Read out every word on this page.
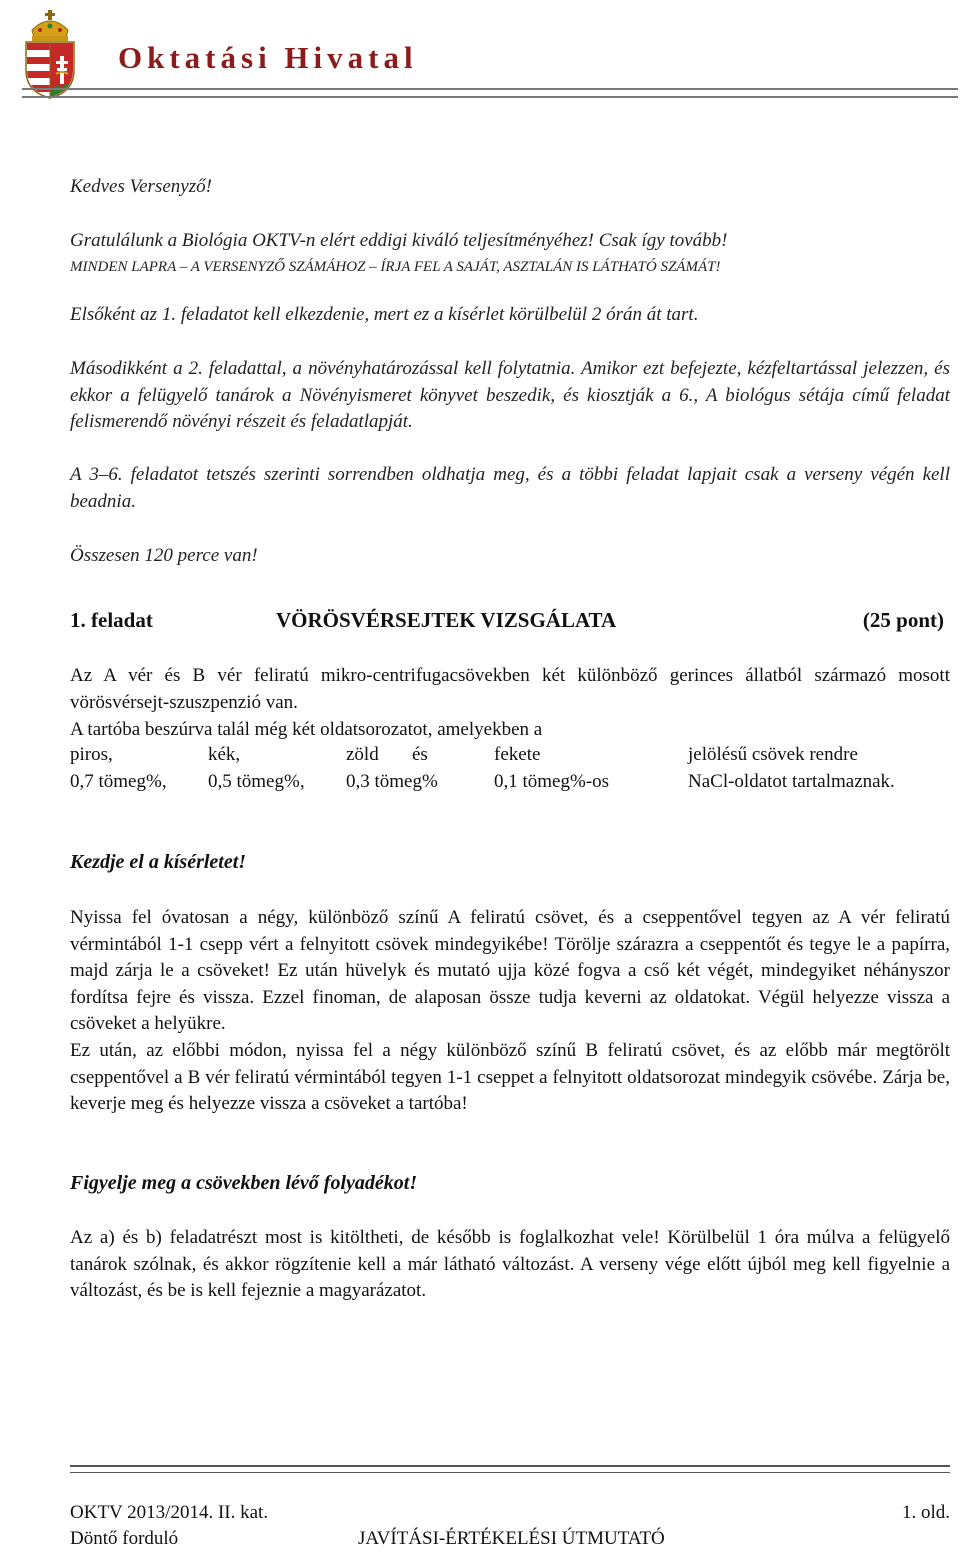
Oktatási Hivatal
Kedves Versenyző!
Gratulálunk a Biológia OKTV-n elért eddigi kiváló teljesítményéhez! Csak így tovább!
MINDEN LAPRA – A VERSENYZŐ SZÁMÁHOZ – ÍRJA FEL A SAJÁT, ASZTALÁN IS LÁTHATÓ SZÁMÁT!
Elsőként az 1. feladatot kell elkezdenie, mert ez a kísérlet körülbelül 2 órán át tart.
Másodikként a 2. feladattal, a növényhatározással kell folytatnia. Amikor ezt befejezte, kézfeltartással jelezzen, és ekkor a felügyelő tanárok a Növényismeret könyvet beszedik, és kiosztják a 6., A biológus sétája című feladat felismerendő növényi részeit és feladatlapját.
A 3–6. feladatot tetszés szerinti sorrendben oldhatja meg, és a többi feladat lapjait csak a verseny végén kell beadnia.
Összesen 120 perce van!
1. feladat	VÖRÖSVÉRSEJTEK VIZSGÁLATA	(25 pont)
Az A vér és B vér feliratú mikro-centrifugacsövekben két különböző gerinces állatból származó mosott vörösvérsejt-szuszpenzió van.
A tartóba beszúrva talál még két oldatsorozatot, amelyekben a
piros,	kék,	zöld és	fekete	jelölésű csövek rendre
0,7 tömeg%, 0,5 tömeg%, 0,3 tömeg%	0,1 tömeg%-os	NaCl-oldatot tartalmaznak.
Kezdje el a kísérletet!
Nyissa fel óvatosan a négy, különböző színű A feliratú csövet, és a cseppentővel tegyen az A vér feliratú vérmintából 1-1 csepp vért a felnyitott csövek mindegyikébe! Törölje szárazra a cseppentőt és tegye le a papírra, majd zárja le a csöveket! Ez után hüvelyk és mutató ujja közé fogva a cső két végét, mindegyiket néhányszor fordítsa fejre és vissza. Ezzel finoman, de alaposan össze tudja keverni az oldatokat. Végül helyezze vissza a csöveket a helyükre.
Ez után, az előbbi módon, nyissa fel a négy különböző színű B feliratú csövet, és az előbb már megtörölt cseppentővel a B vér feliratú vérmintából tegyen 1-1 cseppet a felnyitott oldatsorozat mindegyik csövébe. Zárja be, keverje meg és helyezze vissza a csöveket a tartóba!
Figyelje meg a csövekben lévő folyadékot!
Az a) és b) feladatrészt most is kitöltheti, de később is foglalkozhat vele! Körülbelül 1 óra múlva a felügyelő tanárok szólnak, és akkor rögzítenie kell a már látható változást. A verseny vége előtt újból meg kell figyelnie a változást, és be is kell fejeznie a magyarázatot.
OKTV 2013/2014. II. kat.	1. old.
Döntő forduló	JAVÍTÁSI-ÉRTÉKELÉSI ÚTMUTATÓ
